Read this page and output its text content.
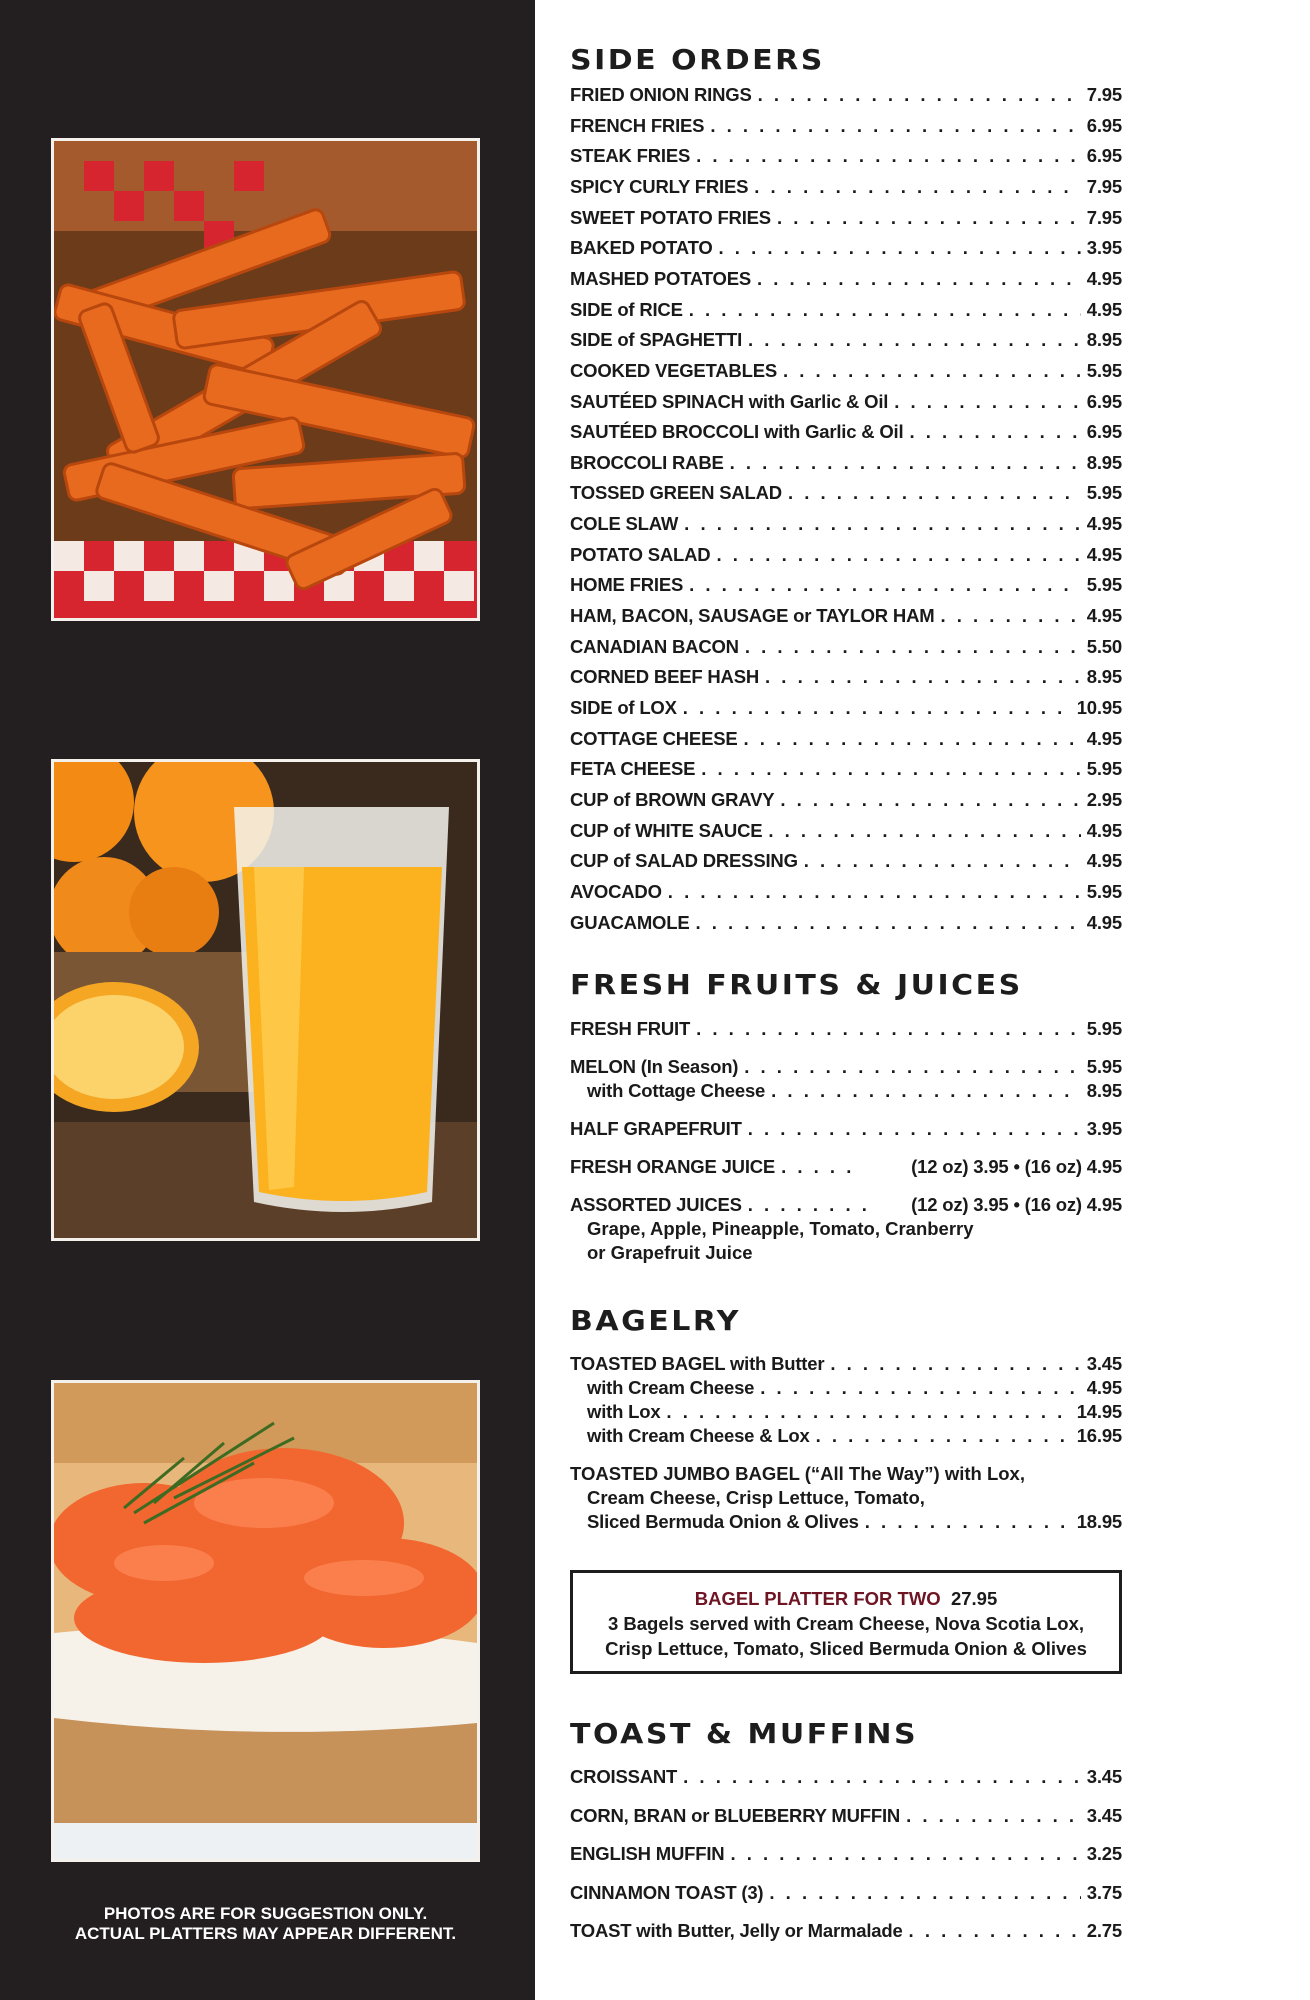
PHOTOS ARE FOR SUGGESTION ONLY.
ACTUAL PLATTERS MAY APPEAR DIFFERENT.
SIDE ORDERS
FRIED ONION RINGS . . .	7.95
FRENCH FRIES . . .	6.95
STEAK FRIES . . .	6.95
SPICY CURLY FRIES . . .	7.95
SWEET POTATO FRIES . . .	7.95
BAKED POTATO . . .	3.95
MASHED POTATOES . . .	4.95
SIDE of RICE . . .	4.95
SIDE of SPAGHETTI . . .	8.95
COOKED VEGETABLES . . .	5.95
SAUTÉED SPINACH with Garlic & Oil . . .	6.95
SAUTÉED BROCCOLI with Garlic & Oil . . .	6.95
BROCCOLI RABE . . .	8.95
TOSSED GREEN SALAD . . .	5.95
COLE SLAW . . .	4.95
POTATO SALAD . . .	4.95
HOME FRIES . . .	5.95
HAM, BACON, SAUSAGE or TAYLOR HAM . . .	4.95
CANADIAN BACON . . .	5.50
CORNED BEEF HASH . . .	8.95
SIDE of LOX . . .	10.95
COTTAGE CHEESE . . .	4.95
FETA CHEESE . . .	5.95
CUP of BROWN GRAVY . . .	2.95
CUP of WHITE SAUCE . . .	4.95
CUP of SALAD DRESSING . . .	4.95
AVOCADO . . .	5.95
GUACAMOLE . . .	4.95
FRESH FRUITS & JUICES
FRESH FRUIT . . .	5.95
MELON (In Season) . . .	5.95
with Cottage Cheese . . .	8.95
HALF GRAPEFRUIT . . .	3.95
FRESH ORANGE JUICE . . .	(12 oz) 3.95 • (16 oz) 4.95
ASSORTED JUICES . . .	(12 oz) 3.95 • (16 oz) 4.95
Grape, Apple, Pineapple, Tomato, Cranberry
or Grapefruit Juice
BAGELRY
TOASTED BAGEL with Butter . . .	3.45
with Cream Cheese . . .	4.95
with Lox . . .	14.95
with Cream Cheese & Lox . . .	16.95
TOASTED JUMBO BAGEL (“All The Way”) with Lox,
Cream Cheese, Crisp Lettuce, Tomato,
Sliced Bermuda Onion & Olives . . .	18.95
BAGEL PLATTER FOR TWO 27.95
3 Bagels served with Cream Cheese, Nova Scotia Lox,
Crisp Lettuce, Tomato, Sliced Bermuda Onion & Olives
TOAST & MUFFINS
CROISSANT . . .	3.45
CORN, BRAN or BLUEBERRY MUFFIN . . .	3.45
ENGLISH MUFFIN . . .	3.25
CINNAMON TOAST (3) . . .	3.75
TOAST with Butter, Jelly or Marmalade . . .	2.75
